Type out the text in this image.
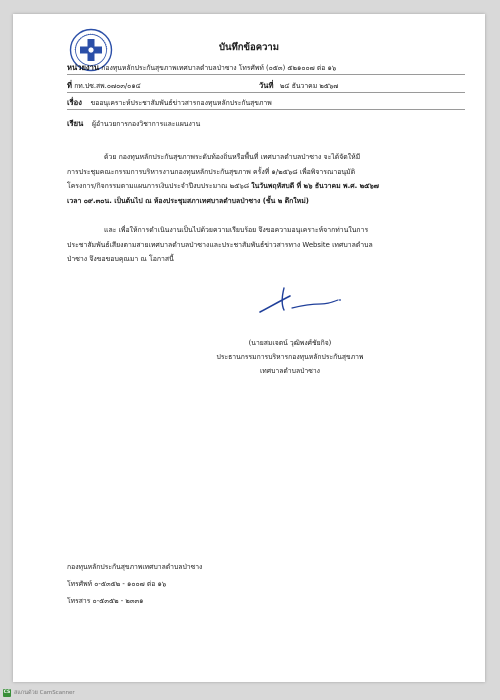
บันทึกข้อความ
หน่วยงาน กองทุนหลักประกันสุขภาพเทศบาลตำบลป่าซาง โทรศัพท์ (๐๕๓) ๕๒๑๐๐๗ ต่อ ๑๖
ที่ กท.ปซ.สพ.๐๗๐๓/๐๑๔	วันที่ ๒๔ ธันวาคม ๒๕๖๗
เรื่อง ขออนุเคราะห์ประชาสัมพันธ์ข่าวสารกองทุนหลักประกันสุขภาพ
เรียน ผู้อำนวยการกองวิชาการและแผนงาน

ด้วย กองทุนหลักประกันสุขภาพระดับท้องถิ่นหรือพื้นที่ เทศบาลตำบลป่าซาง จะได้จัดให้มี

การประชุมคณะกรรมการบริหารงานกองทุนหลักประกันสุขภาพ ครั้งที่ ๑/๒๕๖๘ เพื่อพิจารณาอนุมัติ

โครงการ/กิจกรรมตามแผนการเงินประจำปีงบประมาณ ๒๕๖๘ ในวันพฤหัสบดี ที่ ๒๖ ธันวาคม พ.ศ. ๒๕๖๗

เวลา ๐๙.๓๐น. เป็นต้นไป ณ ห้องประชุมสภาเทศบาลตำบลป่าซาง (ชั้น ๒ ตึกใหม่)

และ เพื่อให้การดำเนินงานเป็นไปด้วยความเรียบร้อย จึงขอความอนุเคราะห์จากท่านในการ

ประชาสัมพันธ์เสียงตามสายเทศบาลตำบลป่าซางและประชาสัมพันธ์ข่าวสารทาง Website เทศบาลตำบล

ป่าซาง จึงขอขอบคุณมา ณ โอกาสนี้

(นายสมเจตน์ วุฒิพงศ์ชัยกิจ)
ประธานกรรมการบริหารกองทุนหลักประกันสุขภาพ
เทศบาลตำบลป่าซาง
กองทุนหลักประกันสุขภาพเทศบาลตำบลป่าซาง
โทรศัพท์ ๐-๕๓๕๒ - ๑๐๐๗ ต่อ ๑๖
โทรสาร ๐-๕๓๕๒ - ๒๓๓๑
CS สแกนด้วย CamScanner
